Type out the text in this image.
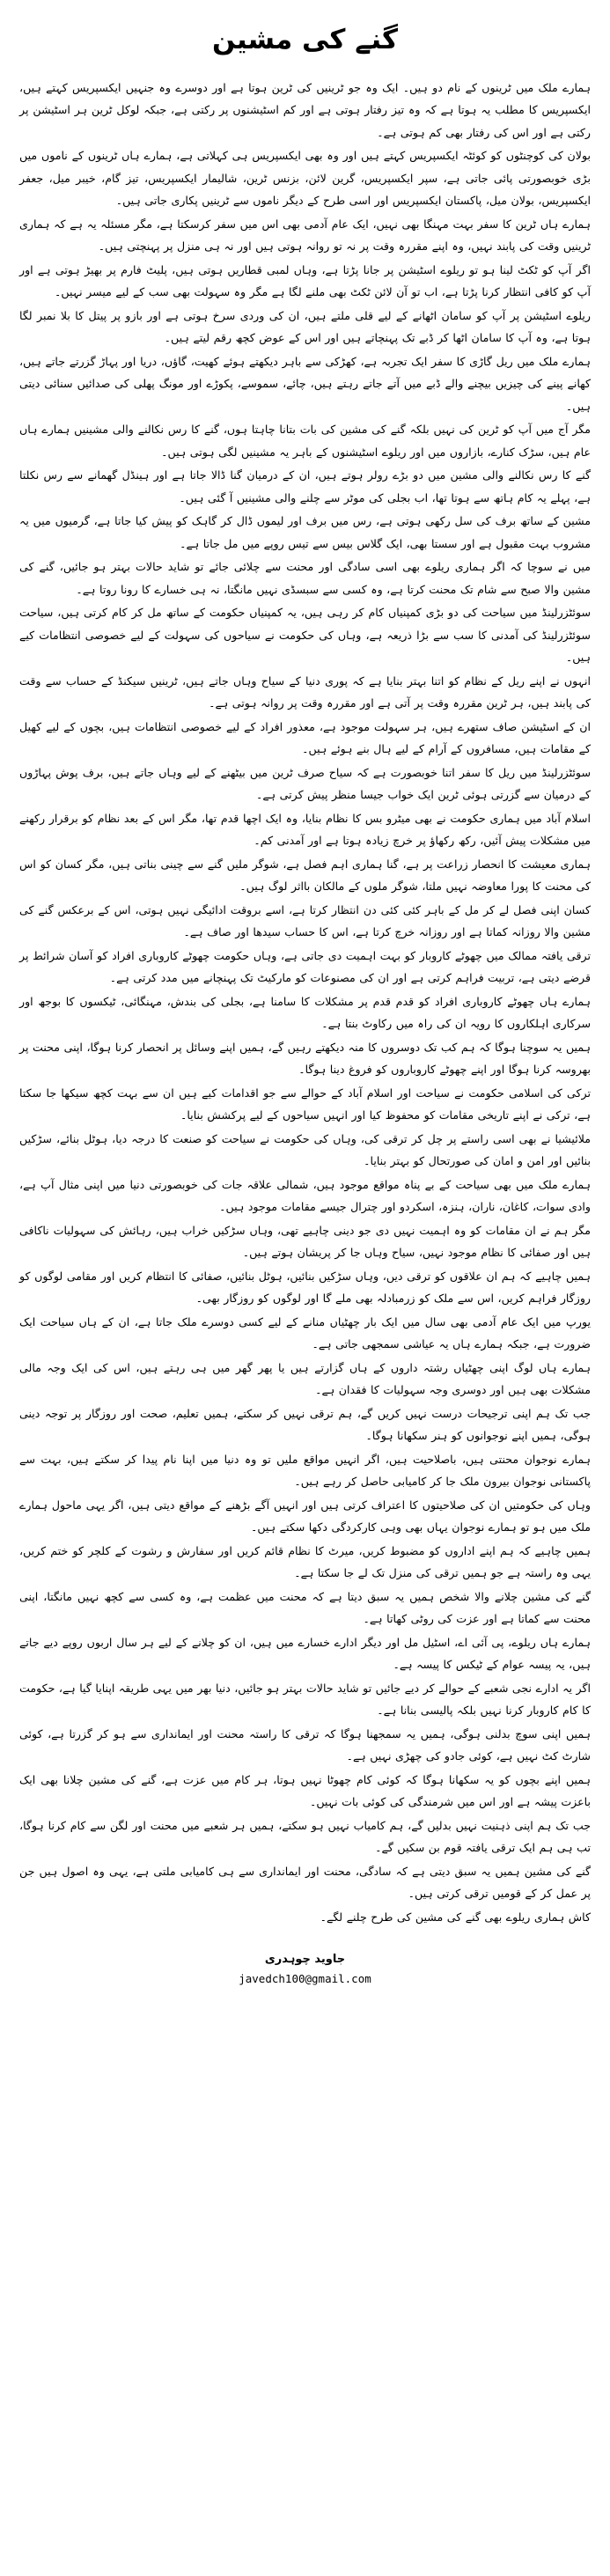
گنے کی مشین

ہمارے ملک میں ٹرینوں کے نام دو ہیں۔ ایک وہ جو ٹرینیں کی ٹرین ہوتا ہے اور دوسرے وہ جنہیں ایکسپریس کہتے ہیں، ایکسپریس کا مطلب یہ ہوتا ہے کہ وہ تیز رفتار ہوتی ہے اور کم اسٹیشنوں پر رکتی ہے، جبکہ لوکل ٹرین ہر اسٹیشن پر رکتی ہے اور اس کی رفتار بھی کم ہوتی ہے۔

بولان کی کوچنٹوں کو کوئٹہ ایکسپریس کہتے ہیں اور وہ بھی ایکسپریس ہی کہلاتی ہے، ہمارے ہاں ٹرینوں کے ناموں میں بڑی خوبصورتی پائی جاتی ہے، سپر ایکسپریس، گرین لائن، بزنس ٹرین، شالیمار ایکسپریس، تیز گام، خیبر میل، جعفر ایکسپریس، بولان میل، پاکستان ایکسپریس اور اسی طرح کے دیگر ناموں سے ٹرینیں پکاری جاتی ہیں۔

ہمارے ہاں ٹرین کا سفر بہت مہنگا بھی نہیں، ایک عام آدمی بھی اس میں سفر کرسکتا ہے، مگر مسئلہ یہ ہے کہ ہماری ٹرینیں وقت کی پابند نہیں، وہ اپنے مقررہ وقت پر نہ تو روانہ ہوتی ہیں اور نہ ہی منزل پر پہنچتی ہیں۔

اگر آپ کو ٹکٹ لینا ہو تو ریلوے اسٹیشن پر جانا پڑتا ہے، وہاں لمبی قطاریں ہوتی ہیں، پلیٹ فارم پر بھیڑ ہوتی ہے اور آپ کو کافی انتظار کرنا پڑتا ہے، اب تو آن لائن ٹکٹ بھی ملنے لگا ہے مگر وہ سہولت بھی سب کے لیے میسر نہیں۔

ریلوے اسٹیشن پر آپ کو سامان اٹھانے کے لیے قلی ملتے ہیں، ان کی وردی سرخ ہوتی ہے اور بازو پر پیتل کا بلا نمبر لگا ہوتا ہے، وہ آپ کا سامان اٹھا کر ڈبے تک پہنچاتے ہیں اور اس کے عوض کچھ رقم لیتے ہیں۔

ہمارے ملک میں ریل گاڑی کا سفر ایک تجربہ ہے، کھڑکی سے باہر دیکھتے ہوئے کھیت، گاؤں، دریا اور پہاڑ گزرتے جاتے ہیں، کھانے پینے کی چیزیں بیچنے والے ڈبے میں آتے جاتے رہتے ہیں، چائے، سموسے، پکوڑے اور مونگ پھلی کی صدائیں سنائی دیتی ہیں۔

مگر آج میں آپ کو ٹرین کی نہیں بلکہ گنے کی مشین کی بات بتانا چاہتا ہوں، گنے کا رس نکالنے والی مشینیں ہمارے ہاں عام ہیں، سڑک کنارے، بازاروں میں اور ریلوے اسٹیشنوں کے باہر یہ مشینیں لگی ہوتی ہیں۔

گنے کا رس نکالنے والی مشین میں دو بڑے رولر ہوتے ہیں، ان کے درمیان گنا ڈالا جاتا ہے اور ہینڈل گھمانے سے رس نکلتا ہے، پہلے یہ کام ہاتھ سے ہوتا تھا، اب بجلی کی موٹر سے چلنے والی مشینیں آ گئی ہیں۔

مشین کے ساتھ برف کی سل رکھی ہوتی ہے، رس میں برف اور لیموں ڈال کر گاہک کو پیش کیا جاتا ہے، گرمیوں میں یہ مشروب بہت مقبول ہے اور سستا بھی، ایک گلاس بیس سے تیس روپے میں مل جاتا ہے۔

میں نے سوچا کہ اگر ہماری ریلوے بھی اسی سادگی اور محنت سے چلائی جائے تو شاید حالات بہتر ہو جائیں، گنے کی مشین والا صبح سے شام تک محنت کرتا ہے، وہ کسی سے سبسڈی نہیں مانگتا، نہ ہی خسارے کا رونا روتا ہے۔

سوئٹزرلینڈ میں سیاحت کی دو بڑی کمپنیاں کام کر رہی ہیں، یہ کمپنیاں حکومت کے ساتھ مل کر کام کرتی ہیں، سیاحت سوئٹزرلینڈ کی آمدنی کا سب سے بڑا ذریعہ ہے، وہاں کی حکومت نے سیاحوں کی سہولت کے لیے خصوصی انتظامات کیے ہیں۔

انہوں نے اپنے ریل کے نظام کو اتنا بہتر بنایا ہے کہ پوری دنیا کے سیاح وہاں جاتے ہیں، ٹرینیں سیکنڈ کے حساب سے وقت کی پابند ہیں، ہر ٹرین مقررہ وقت پر آتی ہے اور مقررہ وقت پر روانہ ہوتی ہے۔

ان کے اسٹیشن صاف ستھرے ہیں، ہر سہولت موجود ہے، معذور افراد کے لیے خصوصی انتظامات ہیں، بچوں کے لیے کھیل کے مقامات ہیں، مسافروں کے آرام کے لیے ہال بنے ہوئے ہیں۔

سوئٹزرلینڈ میں ریل کا سفر اتنا خوبصورت ہے کہ سیاح صرف ٹرین میں بیٹھنے کے لیے وہاں جاتے ہیں، برف پوش پہاڑوں کے درمیان سے گزرتی ہوئی ٹرین ایک خواب جیسا منظر پیش کرتی ہے۔

اسلام آباد میں ہماری حکومت نے بھی میٹرو بس کا نظام بنایا، وہ ایک اچھا قدم تھا، مگر اس کے بعد نظام کو برقرار رکھنے میں مشکلات پیش آئیں، رکھ رکھاؤ پر خرچ زیادہ ہوتا ہے اور آمدنی کم۔

ہماری معیشت کا انحصار زراعت پر ہے، گنا ہماری اہم فصل ہے، شوگر ملیں گنے سے چینی بناتی ہیں، مگر کسان کو اس کی محنت کا پورا معاوضہ نہیں ملتا، شوگر ملوں کے مالکان بااثر لوگ ہیں۔

کسان اپنی فصل لے کر مل کے باہر کئی کئی دن انتظار کرتا ہے، اسے بروقت ادائیگی نہیں ہوتی، اس کے برعکس گنے کی مشین والا روزانہ کماتا ہے اور روزانہ خرچ کرتا ہے، اس کا حساب سیدھا اور صاف ہے۔

ترقی یافتہ ممالک میں چھوٹے کاروبار کو بہت اہمیت دی جاتی ہے، وہاں حکومت چھوٹے کاروباری افراد کو آسان شرائط پر قرضے دیتی ہے، تربیت فراہم کرتی ہے اور ان کی مصنوعات کو مارکیٹ تک پہنچانے میں مدد کرتی ہے۔

ہمارے ہاں چھوٹے کاروباری افراد کو قدم قدم پر مشکلات کا سامنا ہے، بجلی کی بندش، مہنگائی، ٹیکسوں کا بوجھ اور سرکاری اہلکاروں کا رویہ ان کی راہ میں رکاوٹ بنتا ہے۔

ہمیں یہ سوچنا ہوگا کہ ہم کب تک دوسروں کا منہ دیکھتے رہیں گے، ہمیں اپنے وسائل پر انحصار کرنا ہوگا، اپنی محنت پر بھروسہ کرنا ہوگا اور اپنے چھوٹے کاروباروں کو فروغ دینا ہوگا۔

ترکی کی اسلامی حکومت نے سیاحت اور اسلام آباد کے حوالے سے جو اقدامات کیے ہیں ان سے بہت کچھ سیکھا جا سکتا ہے، ترکی نے اپنے تاریخی مقامات کو محفوظ کیا اور انہیں سیاحوں کے لیے پرکشش بنایا۔

ملائیشیا نے بھی اسی راستے پر چل کر ترقی کی، وہاں کی حکومت نے سیاحت کو صنعت کا درجہ دیا، ہوٹل بنائے، سڑکیں بنائیں اور امن و امان کی صورتحال کو بہتر بنایا۔

ہمارے ملک میں بھی سیاحت کے بے پناہ مواقع موجود ہیں، شمالی علاقہ جات کی خوبصورتی دنیا میں اپنی مثال آپ ہے، وادی سوات، کاغان، ناران، ہنزہ، اسکردو اور چترال جیسے مقامات موجود ہیں۔

مگر ہم نے ان مقامات کو وہ اہمیت نہیں دی جو دینی چاہیے تھی، وہاں سڑکیں خراب ہیں، رہائش کی سہولیات ناکافی ہیں اور صفائی کا نظام موجود نہیں، سیاح وہاں جا کر پریشان ہوتے ہیں۔

ہمیں چاہیے کہ ہم ان علاقوں کو ترقی دیں، وہاں سڑکیں بنائیں، ہوٹل بنائیں، صفائی کا انتظام کریں اور مقامی لوگوں کو روزگار فراہم کریں، اس سے ملک کو زرمبادلہ بھی ملے گا اور لوگوں کو روزگار بھی۔

یورپ میں ایک عام آدمی بھی سال میں ایک بار چھٹیاں منانے کے لیے کسی دوسرے ملک جاتا ہے، ان کے ہاں سیاحت ایک ضرورت ہے، جبکہ ہمارے ہاں یہ عیاشی سمجھی جاتی ہے۔

ہمارے ہاں لوگ اپنی چھٹیاں رشتہ داروں کے ہاں گزارتے ہیں یا پھر گھر میں ہی رہتے ہیں، اس کی ایک وجہ مالی مشکلات بھی ہیں اور دوسری وجہ سہولیات کا فقدان ہے۔

جب تک ہم اپنی ترجیحات درست نہیں کریں گے، ہم ترقی نہیں کر سکتے، ہمیں تعلیم، صحت اور روزگار پر توجہ دینی ہوگی، ہمیں اپنے نوجوانوں کو ہنر سکھانا ہوگا۔

ہمارے نوجوان محنتی ہیں، باصلاحیت ہیں، اگر انہیں مواقع ملیں تو وہ دنیا میں اپنا نام پیدا کر سکتے ہیں، بہت سے پاکستانی نوجوان بیرون ملک جا کر کامیابی حاصل کر رہے ہیں۔

وہاں کی حکومتیں ان کی صلاحیتوں کا اعتراف کرتی ہیں اور انہیں آگے بڑھنے کے مواقع دیتی ہیں، اگر یہی ماحول ہمارے ملک میں ہو تو ہمارے نوجوان یہاں بھی وہی کارکردگی دکھا سکتے ہیں۔

ہمیں چاہیے کہ ہم اپنے اداروں کو مضبوط کریں، میرٹ کا نظام قائم کریں اور سفارش و رشوت کے کلچر کو ختم کریں، یہی وہ راستہ ہے جو ہمیں ترقی کی منزل تک لے جا سکتا ہے۔

گنے کی مشین چلانے والا شخص ہمیں یہ سبق دیتا ہے کہ محنت میں عظمت ہے، وہ کسی سے کچھ نہیں مانگتا، اپنی محنت سے کماتا ہے اور عزت کی روٹی کھاتا ہے۔

ہمارے ہاں ریلوے، پی آئی اے، اسٹیل مل اور دیگر ادارے خسارے میں ہیں، ان کو چلانے کے لیے ہر سال اربوں روپے دیے جاتے ہیں، یہ پیسہ عوام کے ٹیکس کا پیسہ ہے۔

اگر یہ ادارے نجی شعبے کے حوالے کر دیے جائیں تو شاید حالات بہتر ہو جائیں، دنیا بھر میں یہی طریقہ اپنایا گیا ہے، حکومت کا کام کاروبار کرنا نہیں بلکہ پالیسی بنانا ہے۔

ہمیں اپنی سوچ بدلنی ہوگی، ہمیں یہ سمجھنا ہوگا کہ ترقی کا راستہ محنت اور ایمانداری سے ہو کر گزرتا ہے، کوئی شارٹ کٹ نہیں ہے، کوئی جادو کی چھڑی نہیں ہے۔

ہمیں اپنے بچوں کو یہ سکھانا ہوگا کہ کوئی کام چھوٹا نہیں ہوتا، ہر کام میں عزت ہے، گنے کی مشین چلانا بھی ایک باعزت پیشہ ہے اور اس میں شرمندگی کی کوئی بات نہیں۔

جب تک ہم اپنی ذہنیت نہیں بدلیں گے، ہم کامیاب نہیں ہو سکتے، ہمیں ہر شعبے میں محنت اور لگن سے کام کرنا ہوگا، تب ہی ہم ایک ترقی یافتہ قوم بن سکیں گے۔

گنے کی مشین ہمیں یہ سبق دیتی ہے کہ سادگی، محنت اور ایمانداری سے ہی کامیابی ملتی ہے، یہی وہ اصول ہیں جن پر عمل کر کے قومیں ترقی کرتی ہیں۔

کاش ہماری ریلوے بھی گنے کی مشین کی طرح چلنے لگے۔

جاوید چوہدری
javedch100@gmail.com
